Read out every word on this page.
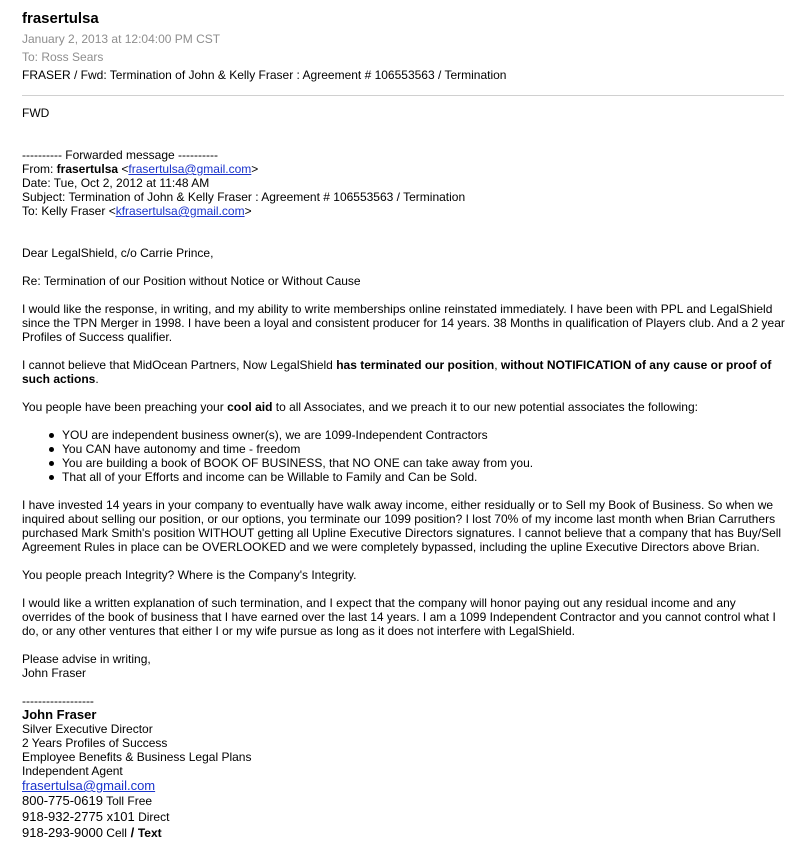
frasertulsa
January 2, 2013 at 12:04:00 PM CST
To: Ross Sears
FRASER / Fwd: Termination of John & Kelly Fraser : Agreement # 106553563 / Termination

FWD

---------- Forwarded message ----------

From: frasertulsa <frasertulsa@gmail.com>

Date: Tue, Oct 2, 2012 at 11:48 AM

Subject: Termination of John & Kelly Fraser : Agreement # 106553563 / Termination

To: Kelly Fraser <kfrasertulsa@gmail.com>

Dear LegalShield, c/o Carrie Prince,

Re: Termination of our Position without Notice or Without Cause

I would like the response, in writing, and my ability to write memberships online reinstated immediately. I have been with PPL and LegalShield since the TPN Merger in 1998. I have been a loyal and consistent producer for 14 years. 38 Months in qualification of Players club. And a 2 year Profiles of Success qualifier.

I cannot believe that MidOcean Partners, Now LegalShield has terminated our position, without NOTIFICATION of any cause or proof of such actions.

You people have been preaching your cool aid to all Associates, and we preach it to our new potential associates the following:

YOU are independent business owner(s), we are 1099-Independent Contractors
You CAN have autonomy and time - freedom
You are building a book of BOOK OF BUSINESS, that NO ONE can take away from you.
That all of your Efforts and income can be Willable to Family and Can be Sold.

I have invested 14 years in your company to eventually have walk away income, either residually or to Sell my Book of Business. So when we inquired about selling our position, or our options, you terminate our 1099 position? I lost 70% of my income last month when Brian Carruthers purchased Mark Smith's position WITHOUT getting all Upline Executive Directors signatures. I cannot believe that a company that has Buy/Sell Agreement Rules in place can be OVERLOOKED and we were completely bypassed, including the upline Executive Directors above Brian.

You people preach Integrity? Where is the Company's Integrity.

I would like a written explanation of such termination, and I expect that the company will honor paying out any residual income and any overrides of the book of business that I have earned over the last 14 years. I am a 1099 Independent Contractor and you cannot control what I do, or any other ventures that either I or my wife pursue as long as it does not interfere with LegalShield.

Please advise in writing,

John Fraser

------------------

John Fraser

Silver Executive Director

2 Years Profiles of Success

Employee Benefits & Business Legal Plans

Independent Agent

frasertulsa@gmail.com

800-775-0619 Toll Free

918-932-2775 x101 Direct

918-293-9000 Cell / Text
